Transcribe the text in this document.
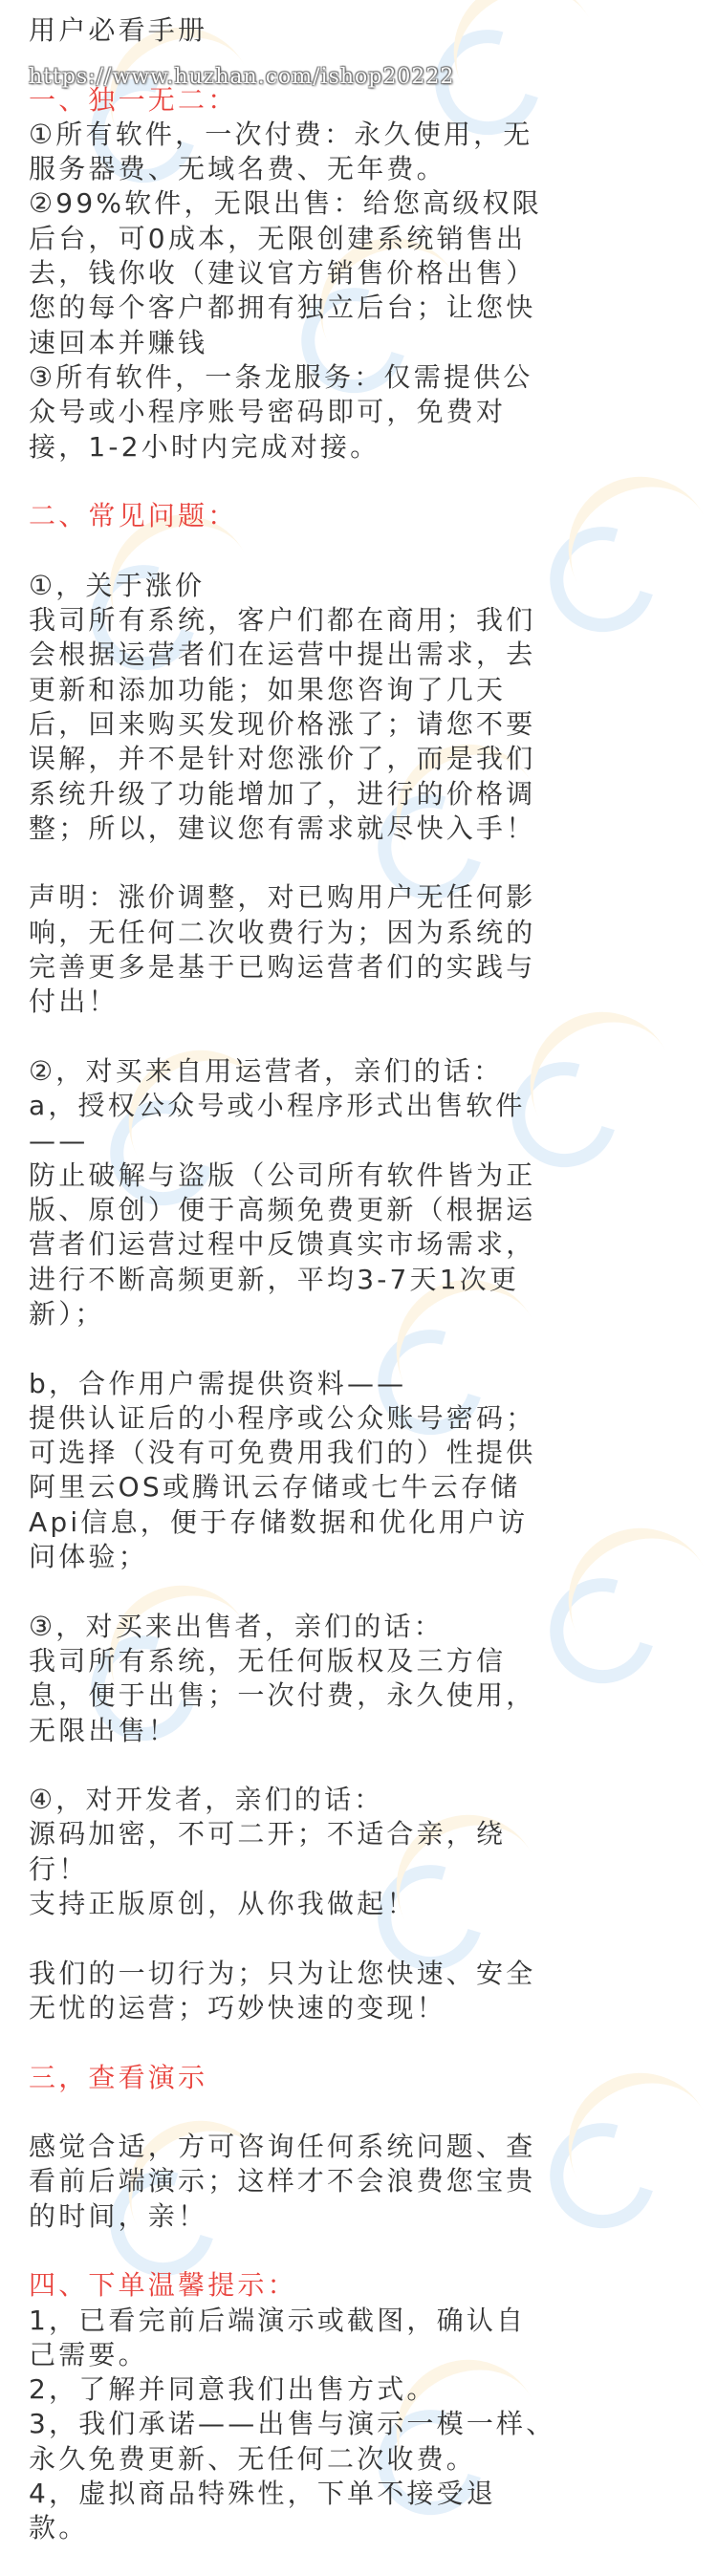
https://www.huzhan.com/ishop20222
用户必看手册
一、独一无二：
①所有软件，一次付费：永久使用，无
服务器费、无域名费、无年费。
②99%软件，无限出售：给您高级权限
后台，可0成本，无限创建系统销售出
去，钱你收（建议官方销售价格出售）
您的每个客户都拥有独立后台；让您快
速回本并赚钱
③所有软件，一条龙服务：仅需提供公
众号或小程序账号密码即可，免费对
接，1-2小时内完成对接。
二、常见问题：
①，关于涨价
我司所有系统，客户们都在商用；我们
会根据运营者们在运营中提出需求，去
更新和添加功能；如果您咨询了几天
后，回来购买发现价格涨了；请您不要
误解，并不是针对您涨价了，而是我们
系统升级了功能增加了，进行的价格调
整；所以，建议您有需求就尽快入手！
声明：涨价调整，对已购用户无任何影
响，无任何二次收费行为；因为系统的
完善更多是基于已购运营者们的实践与
付出！
②，对买来自用运营者，亲们的话：
a，授权公众号或小程序形式出售软件
——
防止破解与盗版（公司所有软件皆为正
版、原创）便于高频免费更新（根据运
营者们运营过程中反馈真实市场需求，
进行不断高频更新，平均3-7天1次更
新）；
b，合作用户需提供资料——
提供认证后的小程序或公众账号密码；
可选择（没有可免费用我们的）性提供
阿里云OS或腾讯云存储或七牛云存储
Api信息，便于存储数据和优化用户访
问体验；
③，对买来出售者，亲们的话：
我司所有系统，无任何版权及三方信
息，便于出售；一次付费，永久使用，
无限出售！
④，对开发者，亲们的话：
源码加密，不可二开；不适合亲，绕
行！
支持正版原创，从你我做起！
我们的一切行为；只为让您快速、安全
无忧的运营；巧妙快速的变现！
三，查看演示
感觉合适，方可咨询任何系统问题、查
看前后端演示；这样才不会浪费您宝贵
的时间，亲！
四、下单温馨提示：
1，已看完前后端演示或截图，确认自
己需要。
2，了解并同意我们出售方式。
3，我们承诺——出售与演示一模一样、
永久免费更新、无任何二次收费。
4，虚拟商品特殊性，下单不接受退
款。
